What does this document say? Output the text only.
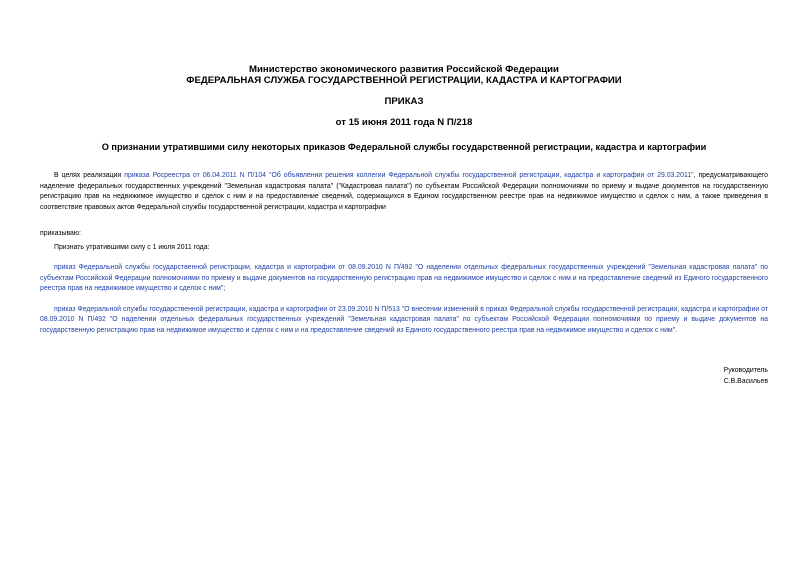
Министерство экономического развития Российской Федерации
ФЕДЕРАЛЬНАЯ СЛУЖБА ГОСУДАРСТВЕННОЙ РЕГИСТРАЦИИ, КАДАСТРА И КАРТОГРАФИИ
ПРИКАЗ
от 15 июня 2011 года N П/218
О признании утратившими силу некоторых приказов Федеральной службы государственной регистрации, кадастра и картографии
В целях реализации приказа Росреестра от 06.04.2011 N П/104 "Об объявлении решения коллегии Федеральной службы государственной регистрации, кадастра и картографии от 29.03.2011", предусматривающего наделение федеральных государственных учреждений "Земельная кадастровая палата" ("Кадастровая палата") по субъектам Российской Федерации полномочиями по приему и выдаче документов на государственную регистрацию прав на недвижимое имущество и сделок с ним и на предоставление сведений, содержащихся в Едином государственном реестре прав на недвижимое имущество и сделок с ним, а также приведения в соответствие правовых актов Федеральной службы государственной регистрации, кадастра и картографии
приказываю:
Признать утратившими силу с 1 июля 2011 года:
приказ Федеральной службы государственной регистрации, кадастра и картографии от 08.09.2010 N П/492 "О наделении отдельных федеральных государственных учреждений "Земельная кадастровая палата" по субъектам Российской Федерации полномочиями по приему и выдаче документов на государственную регистрацию прав на недвижимое имущество и сделок с ним и на предоставление сведений из Единого государственного реестра прав на недвижимое имущество и сделок с ним";
приказ Федеральной службы государственной регистрации, кадастра и картографии от 23.09.2010 N П/513 "О внесении изменений в приказ Федеральной службы государственной регистрации, кадастра и картографии от 08.09.2010 N П/492 "О наделении отдельных федеральных государственных учреждений "Земельная кадастровая палата" по субъектам Российской Федерации полномочиями по приему и выдаче документов на государственную регистрацию прав на недвижимое имущество и сделок с ним и на предоставление сведений из Единого государственного реестра прав на недвижимое имущество и сделок с ним".
Руководитель
С.В.Васильев
